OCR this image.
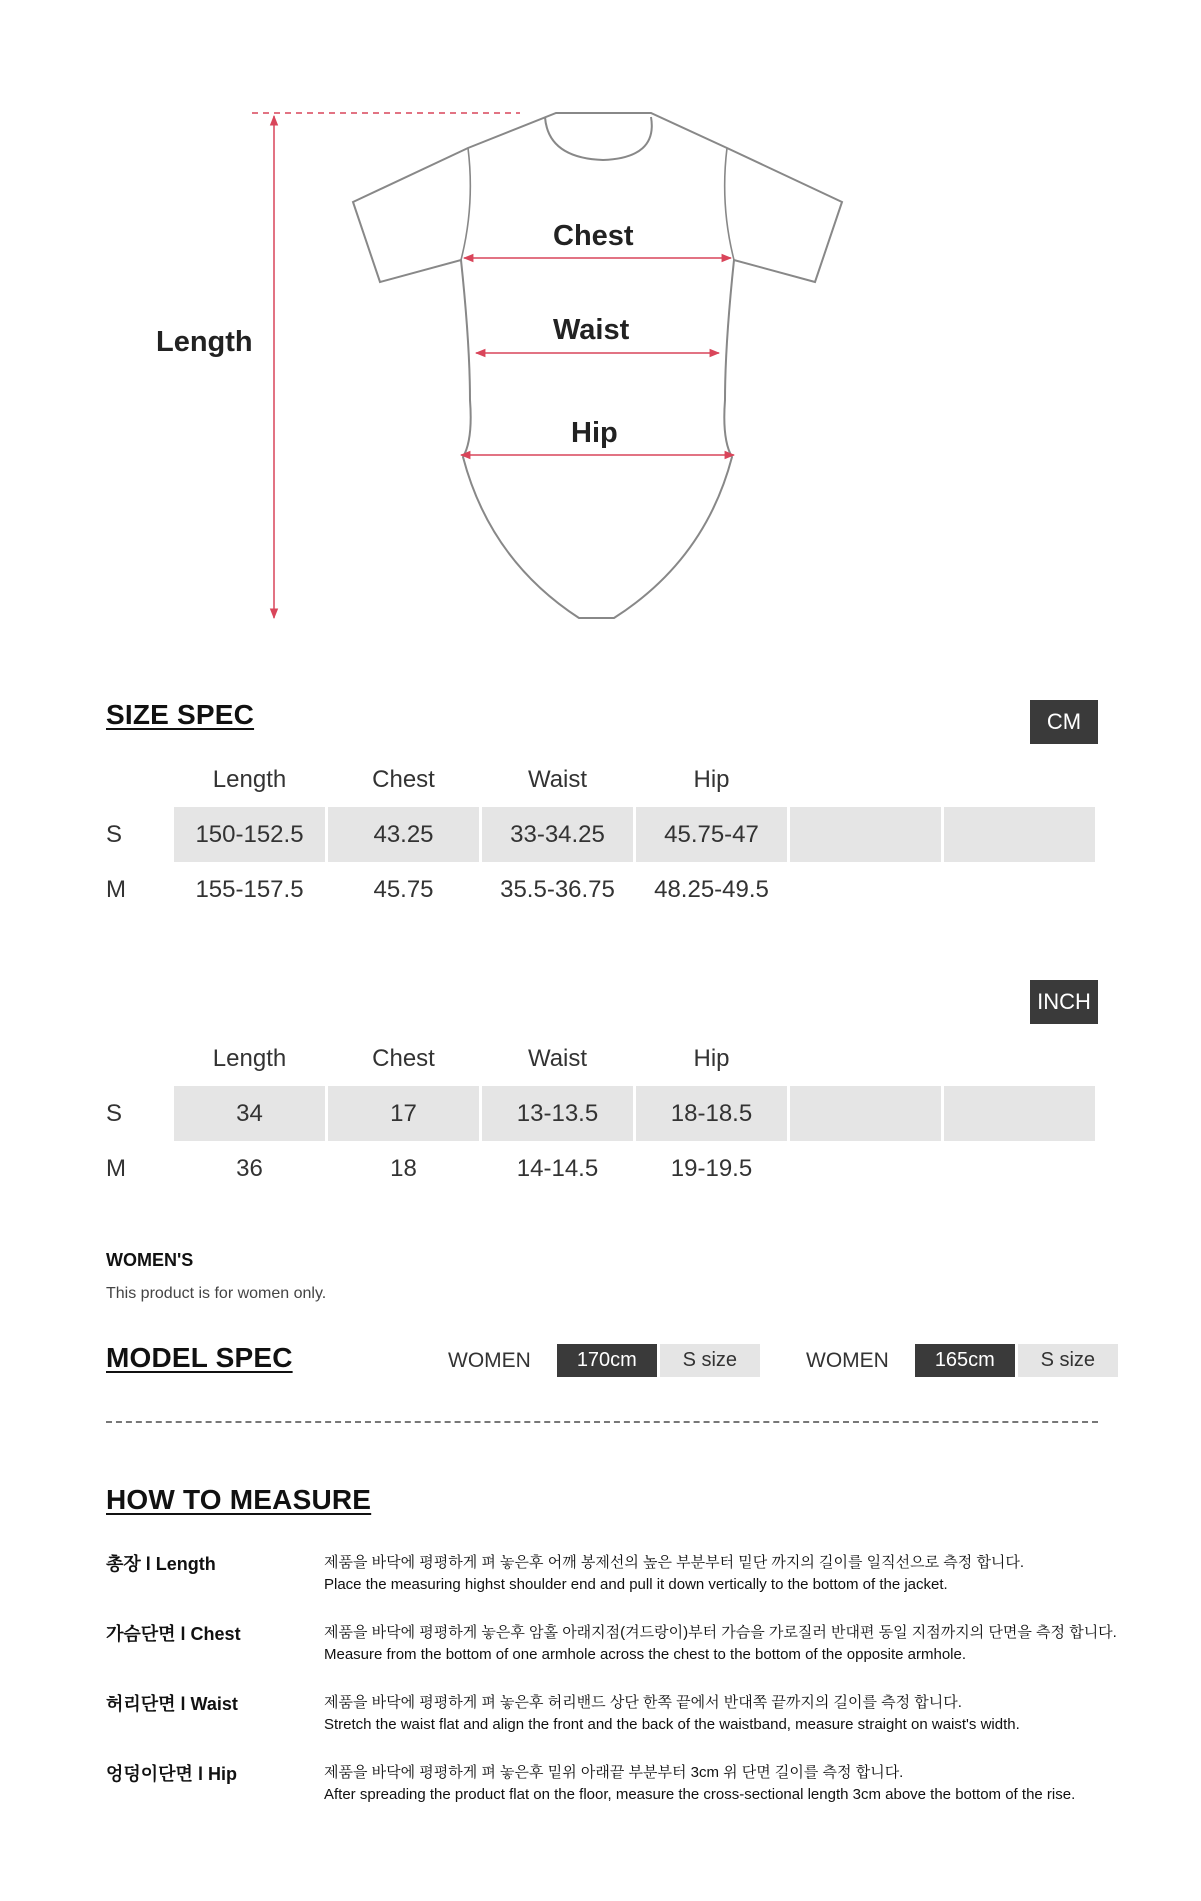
Length
Chest
Waist
Hip
SIZE SPEC	CM
Length	Chest	Waist	Hip
S	150-152.5	43.25	33-34.25	45.75-47
M	155-157.5	45.75	35.5-36.75	48.25-49.5
INCH
Length	Chest	Waist	Hip
S	34	17	13-13.5	18-18.5
M	36	18	14-14.5	19-19.5
WOMEN'S
This product is for women only.
MODEL SPEC	WOMEN	170cm	S size	WOMEN	165cm	S size
HOW TO MEASURE
총장 l Length	제품을 바닥에 평평하게 펴 놓은후 어깨 봉제선의 높은 부분부터 밑단 까지의 길이를 일직선으로 측정 합니다.
Place the measuring highst shoulder end and pull it down vertically to the bottom of the jacket.
가슴단면 l Chest	제품을 바닥에 평평하게 놓은후 암홀 아래지점(겨드랑이)부터 가슴을 가로질러 반대편 동일 지점까지의 단면을 측정 합니다.
Measure from the bottom of one armhole across the chest to the bottom of the opposite armhole.
허리단면 l Waist	제품을 바닥에 평평하게 펴 놓은후 허리밴드 상단 한쪽 끝에서 반대쪽 끝까지의 길이를 측정 합니다.
Stretch the waist flat and align the front and the back of the waistband, measure straight on waist's width.
엉덩이단면 l Hip	제품을 바닥에 평평하게 펴 놓은후 밑위 아래끝 부분부터 3cm 위 단면 길이를 측정 합니다.
After spreading the product flat on the floor, measure the cross-sectional length 3cm above the bottom of the rise.
